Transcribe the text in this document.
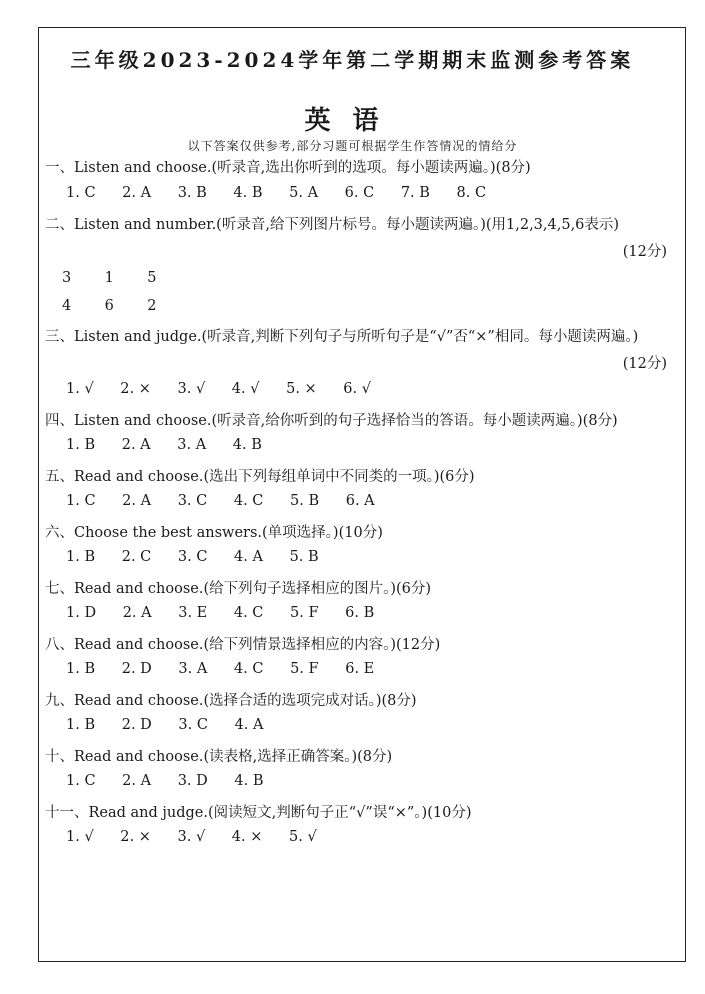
三年级2023-2024学年第二学期期末监测参考答案
英语
以下答案仅供参考,部分习题可根据学生作答情况的情给分
一、Listen and choose.(听录音,选出你听到的选项。每小题读两遍。)(8分)
1. C 2. A 3. B 4. B 5. A 6. C 7. B 8. C
二、Listen and number.(听录音,给下列图片标号。每小题读两遍。)(用1,2,3,4,5,6表示)
(12分)
3 1 5
4 6 2
三、Listen and judge.(听录音,判断下列句子与所听句子是“√”否“×”相同。每小题读两遍。)
(12分)
1. √ 2. × 3. √ 4. √ 5. × 6. √
四、Listen and choose.(听录音,给你听到的句子选择恰当的答语。每小题读两遍。)(8分)
1. B 2. A 3. A 4. B
五、Read and choose.(选出下列每组单词中不同类的一项。)(6分)
1. C 2. A 3. C 4. C 5. B 6. A
六、Choose the best answers.(单项选择。)(10分)
1. B 2. C 3. C 4. A 5. B
七、Read and choose.(给下列句子选择相应的图片。)(6分)
1. D 2. A 3. E 4. C 5. F 6. B
八、Read and choose.(给下列情景选择相应的内容。)(12分)
1. B 2. D 3. A 4. C 5. F 6. E
九、Read and choose.(选择合适的选项完成对话。)(8分)
1. B 2. D 3. C 4. A
十、Read and choose.(读表格,选择正确答案。)(8分)
1. C 2. A 3. D 4. B
十一、Read and judge.(阅读短文,判断句子正“√”误“×”。)(10分)
1. √ 2. × 3. √ 4. × 5. √
